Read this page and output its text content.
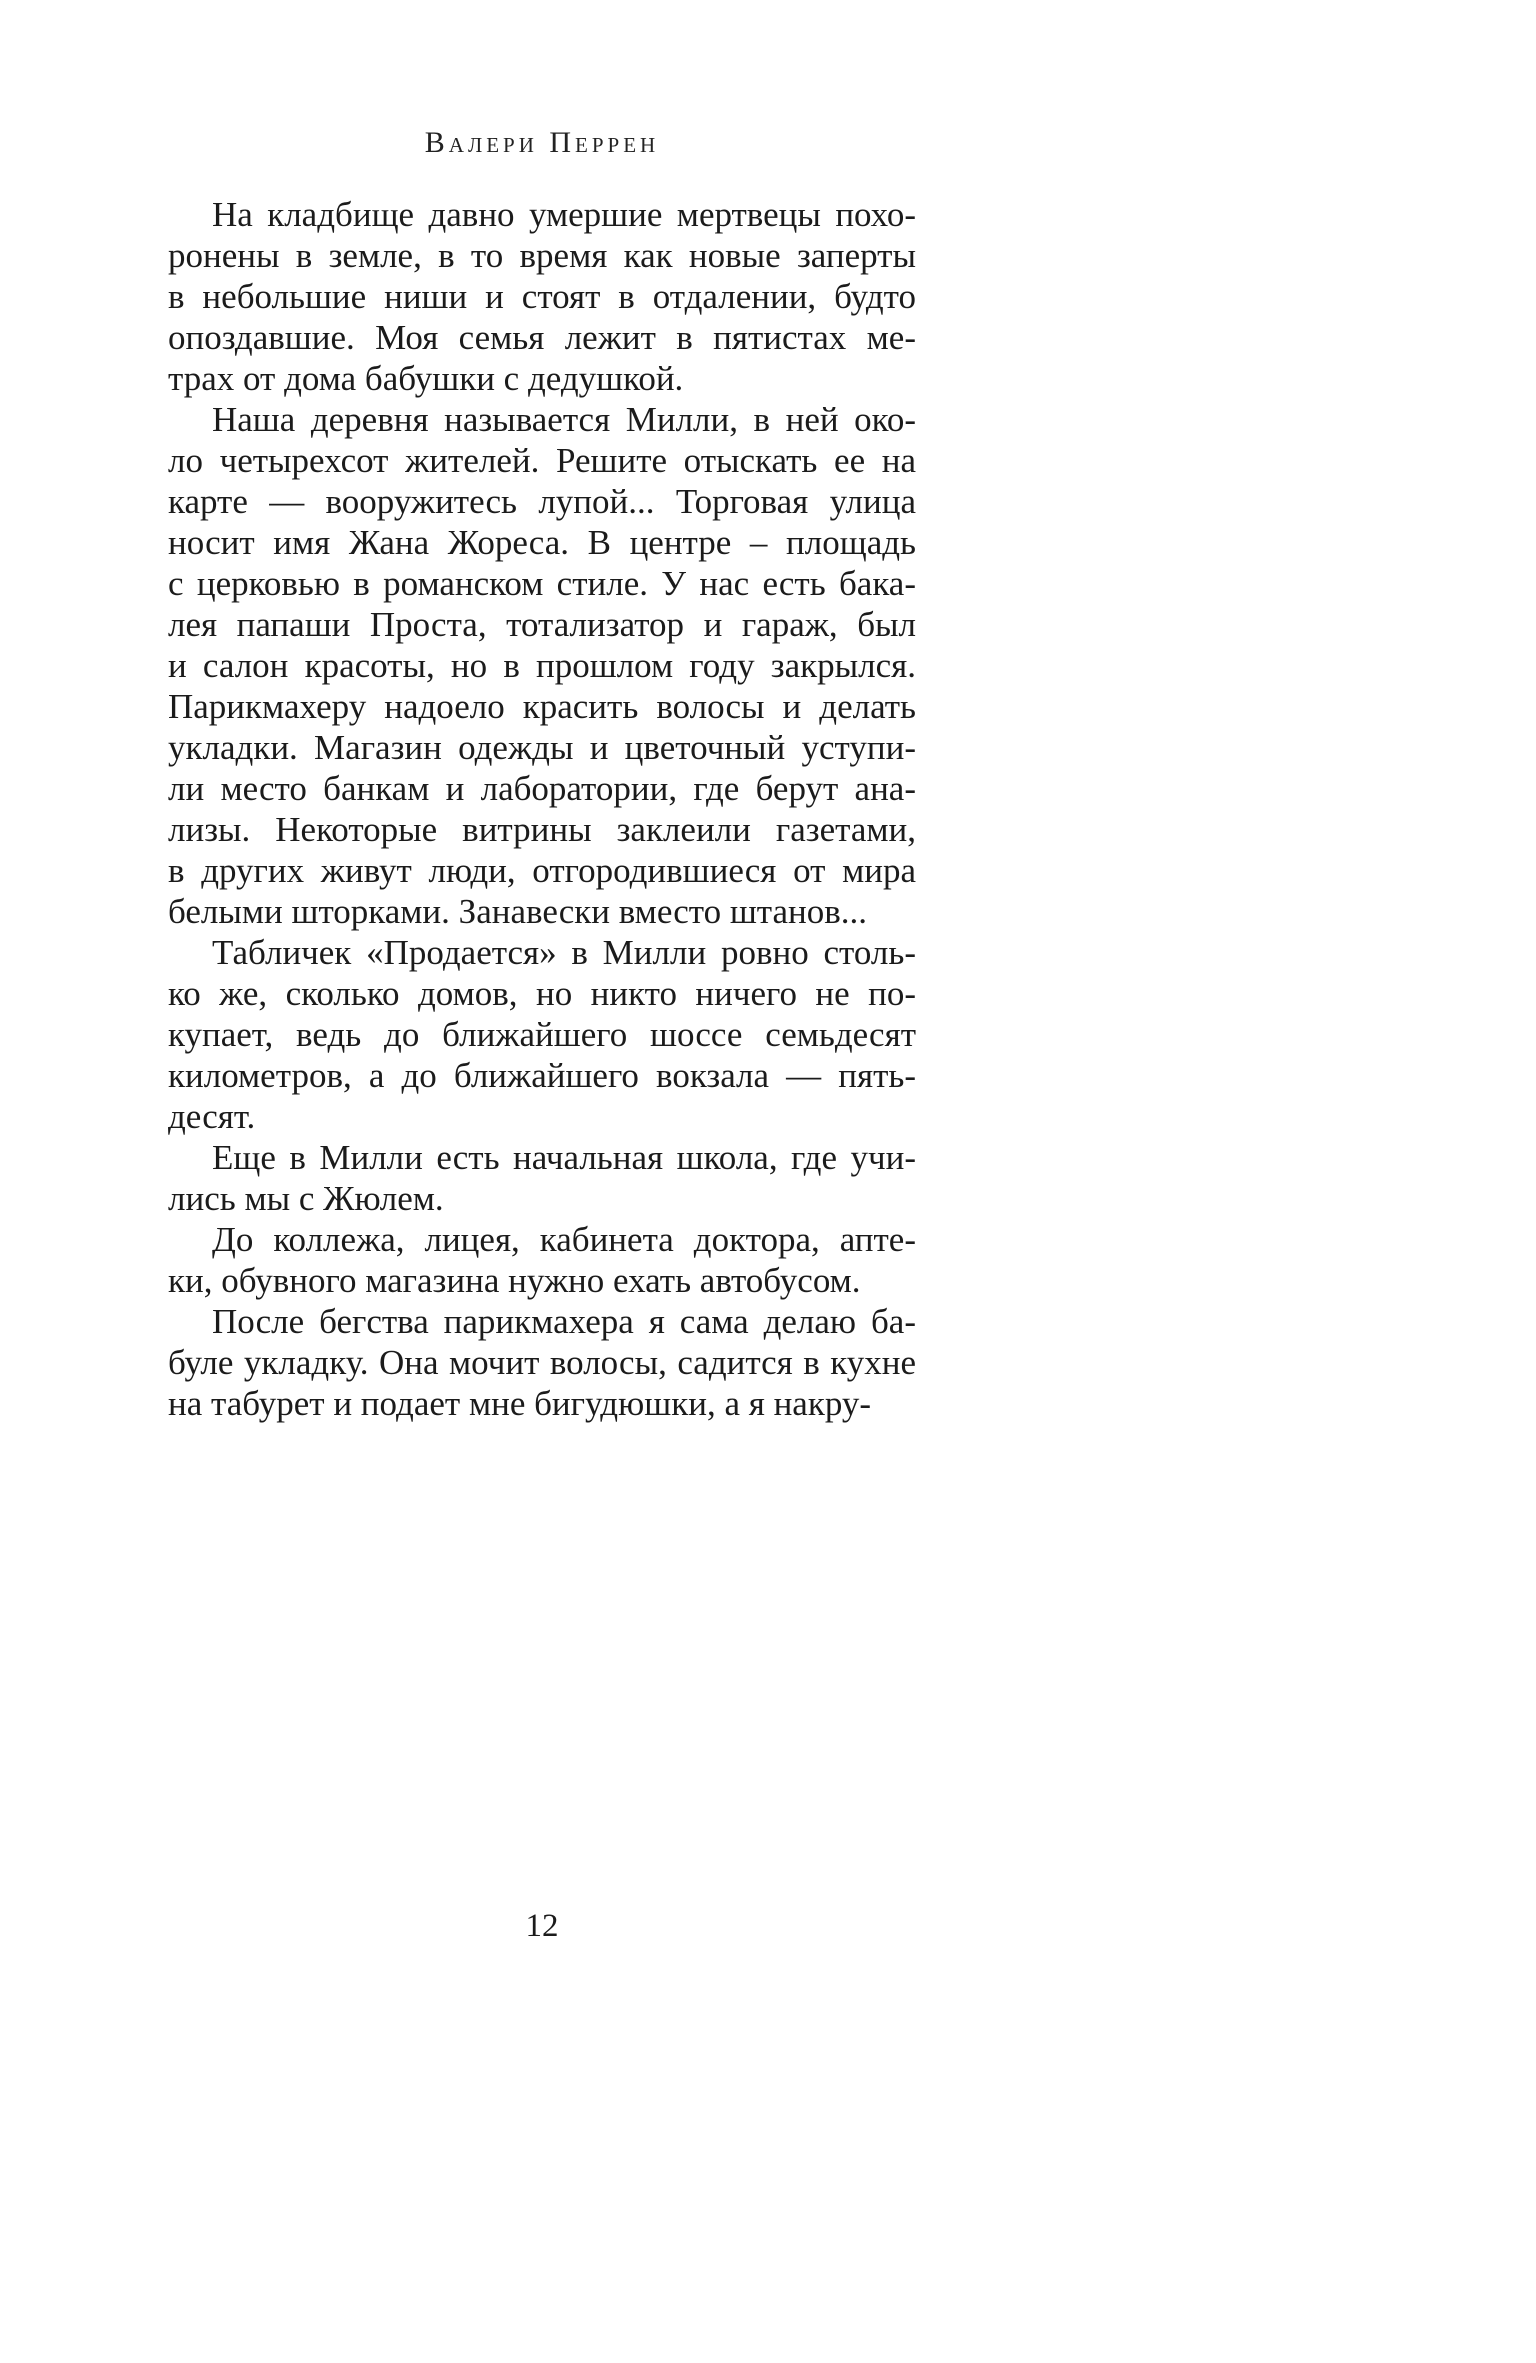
Валери Перрен
На кладбище давно умершие мертвецы похо-
ронены в земле, в то время как новые заперты
в небольшие ниши и стоят в отдалении, будто
опоздавшие. Моя семья лежит в пятистах ме-
трах от дома бабушки с дедушкой.
Наша деревня называется Милли, в ней око-
ло четырехсот жителей. Решите отыскать ее на
карте — вооружитесь лупой... Торговая улица
носит имя Жана Жореса. В центре – площадь
с церковью в романском стиле. У нас есть бака-
лея папаши Проста, тотализатор и гараж, был
и салон красоты, но в прошлом году закрылся.
Парикмахеру надоело красить волосы и делать
укладки. Магазин одежды и цветочный уступи-
ли место банкам и лаборатории, где берут ана-
лизы. Некоторые витрины заклеили газетами,
в других живут люди, отгородившиеся от мира
белыми шторками. Занавески вместо штанов...
Табличек «Продается» в Милли ровно столь-
ко же, сколько домов, но никто ничего не по-
купает, ведь до ближайшего шоссе семьдесят
километров, а до ближайшего вокзала — пять-
десят.
Еще в Милли есть начальная школа, где учи-
лись мы с Жюлем.
До коллежа, лицея, кабинета доктора, апте-
ки, обувного магазина нужно ехать автобусом.
После бегства парикмахера я сама делаю ба-
буле укладку. Она мочит волосы, садится в кухне
на табурет и подает мне бигудюшки, а я накру-
12
